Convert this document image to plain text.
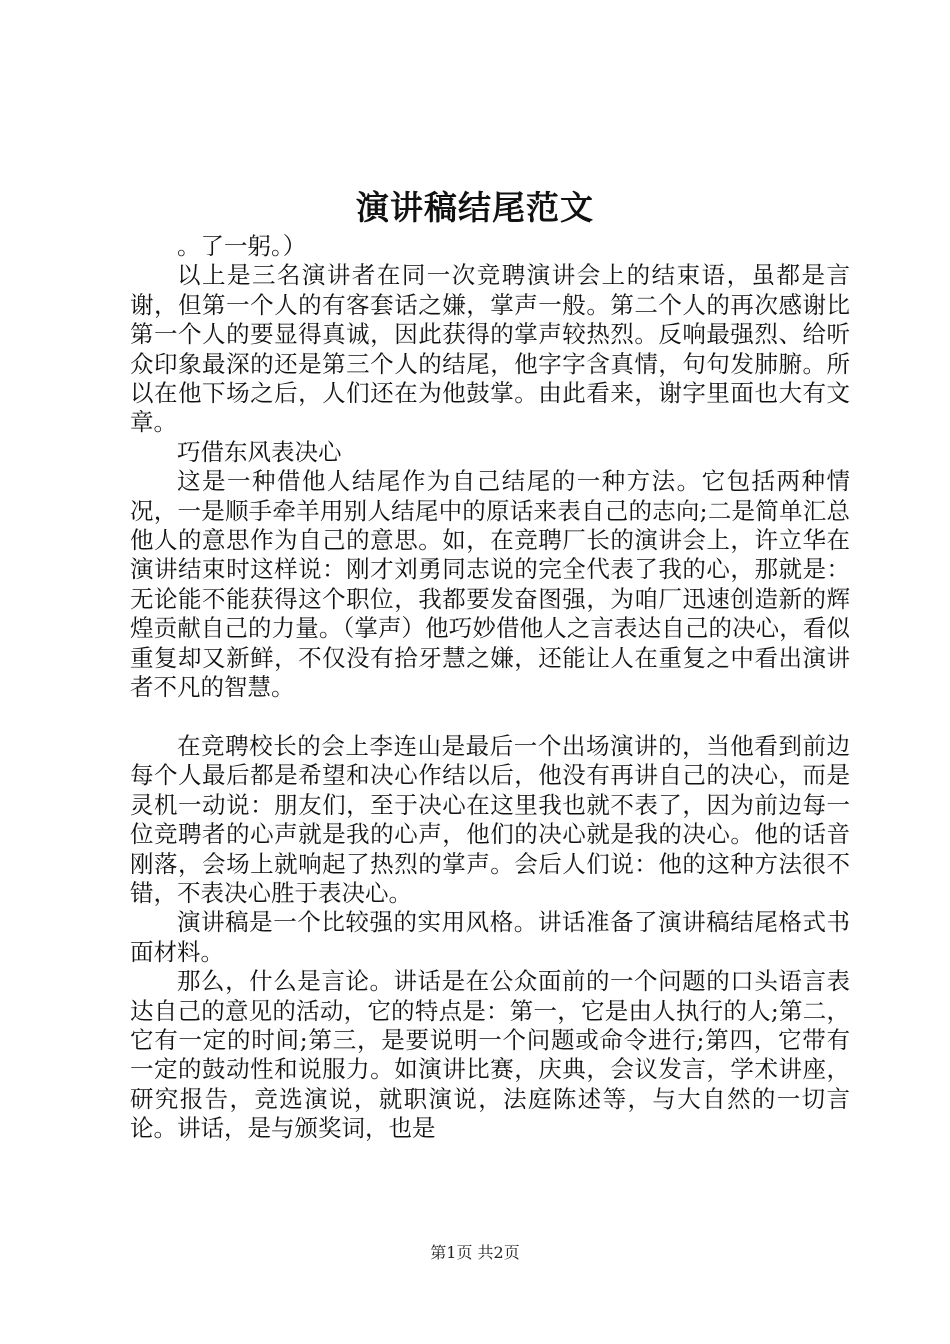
演讲稿结尾范文

。了一躬。）

以上是三名演讲者在同一次竞聘演讲会上的结束语，虽都是言谢，但第一个人的有客套话之嫌，掌声一般。第二个人的再次感谢比第一个人的要显得真诚，因此获得的掌声较热烈。反响最强烈、给听众印象最深的还是第三个人的结尾，他字字含真情，句句发肺腑。所以在他下场之后，人们还在为他鼓掌。由此看来，谢字里面也大有文章。

巧借东风表决心

这是一种借他人结尾作为自己结尾的一种方法。它包括两种情况，一是顺手牵羊用别人结尾中的原话来表自己的志向;二是简单汇总他人的意思作为自己的意思。如，在竞聘厂长的演讲会上，许立华在演讲结束时这样说：刚才刘勇同志说的完全代表了我的心，那就是：无论能不能获得这个职位，我都要发奋图强，为咱厂迅速创造新的辉煌贡献自己的力量。（掌声）他巧妙借他人之言表达自己的决心，看似重复却又新鲜，不仅没有拾牙慧之嫌，还能让人在重复之中看出演讲者不凡的智慧。

在竞聘校长的会上李连山是最后一个出场演讲的，当他看到前边每个人最后都是希望和决心作结以后，他没有再讲自己的决心，而是灵机一动说：朋友们，至于决心在这里我也就不表了，因为前边每一位竞聘者的心声就是我的心声，他们的决心就是我的决心。他的话音刚落，会场上就响起了热烈的掌声。会后人们说：他的这种方法很不错，不表决心胜于表决心。

演讲稿是一个比较强的实用风格。讲话准备了演讲稿结尾格式书面材料。

那么，什么是言论。讲话是在公众面前的一个问题的口头语言表达自己的意见的活动，它的特点是：第一，它是由人执行的人;第二，它有一定的时间;第三，是要说明一个问题或命令进行;第四，它带有一定的鼓动性和说服力。如演讲比赛，庆典，会议发言，学术讲座，研究报告，竞选演说，就职演说，法庭陈述等，与大自然的一切言论。讲话，是与颁奖词，也是

第1页 共2页
